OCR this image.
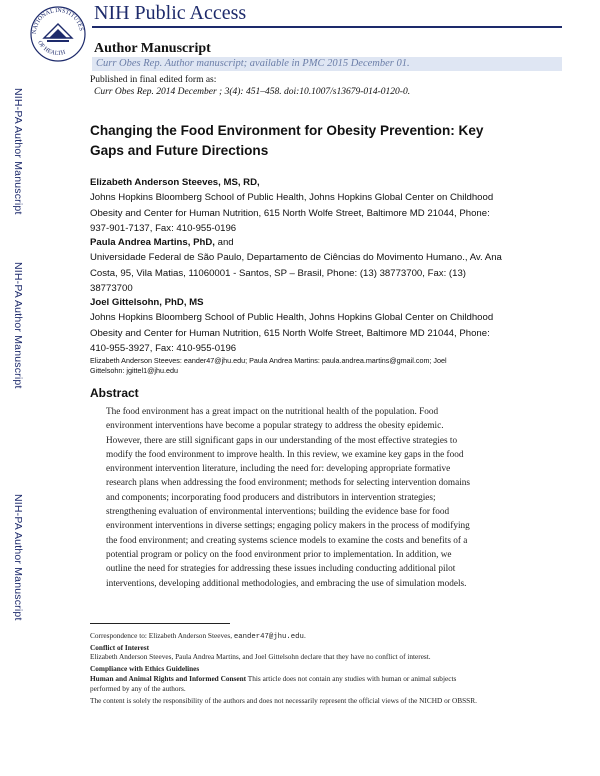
NATIONAL INSTITUTES
OF HEALTH
NIH Public Access
Author Manuscript
Curr Obes Rep. Author manuscript; available in PMC 2015 December 01.
Published in final edited form as:
Curr Obes Rep. 2014 December ; 3(4): 451–458. doi:10.1007/s13679-014-0120-0.
NIH-PA Author Manuscript
NIH-PA Author Manuscript
NIH-PA Author Manuscript
Changing the Food Environment for Obesity Prevention: Key
Gaps and Future Directions
Elizabeth Anderson Steeves, MS, RD,
Johns Hopkins Bloomberg School of Public Health, Johns Hopkins Global Center on Childhood
Obesity and Center for Human Nutrition, 615 North Wolfe Street, Baltimore MD 21044, Phone:
937-901-7137, Fax: 410-955-0196
Paula Andrea Martins, PhD, and
Universidade Federal de São Paulo, Departamento de Ciências do Movimento Humano., Av. Ana
Costa, 95, Vila Matias, 11060001 - Santos, SP – Brasil, Phone: (13) 38773700, Fax: (13)
38773700
Joel Gittelsohn, PhD, MS
Johns Hopkins Bloomberg School of Public Health, Johns Hopkins Global Center on Childhood
Obesity and Center for Human Nutrition, 615 North Wolfe Street, Baltimore MD 21044, Phone:
410-955-3927, Fax: 410-955-0196
Elizabeth Anderson Steeves: eander47@jhu.edu; Paula Andrea Martins: paula.andrea.martins@gmail.com; Joel
Gittelsohn: jgittel1@jhu.edu
Abstract
The food environment has a great impact on the nutritional health of the population. Food
environment interventions have become a popular strategy to address the obesity epidemic.
However, there are still significant gaps in our understanding of the most effective strategies to
modify the food environment to improve health. In this review, we examine key gaps in the food
environment intervention literature, including the need for: developing appropriate formative
research plans when addressing the food environment; methods for selecting intervention domains
and components; incorporating food producers and distributors in intervention strategies;
strengthening evaluation of environmental interventions; building the evidence base for food
environment interventions in diverse settings; engaging policy makers in the process of modifying
the food environment; and creating systems science models to examine the costs and benefits of a
potential program or policy on the food environment prior to implementation. In addition, we
outline the need for strategies for addressing these issues including conducting additional pilot
interventions, developing additional methodologies, and embracing the use of simulation models.
Correspondence to: Elizabeth Anderson Steeves, eander47@jhu.edu.
Conflict of Interest
Elizabeth Anderson Steeves, Paula Andrea Martins, and Joel Gittelsohn declare that they have no conflict of interest.
Compliance with Ethics Guidelines
Human and Animal Rights and Informed Consent This article does not contain any studies with human or animal subjects
performed by any of the authors.
The content is solely the responsibility of the authors and does not necessarily represent the official views of the NICHD or OBSSR.
